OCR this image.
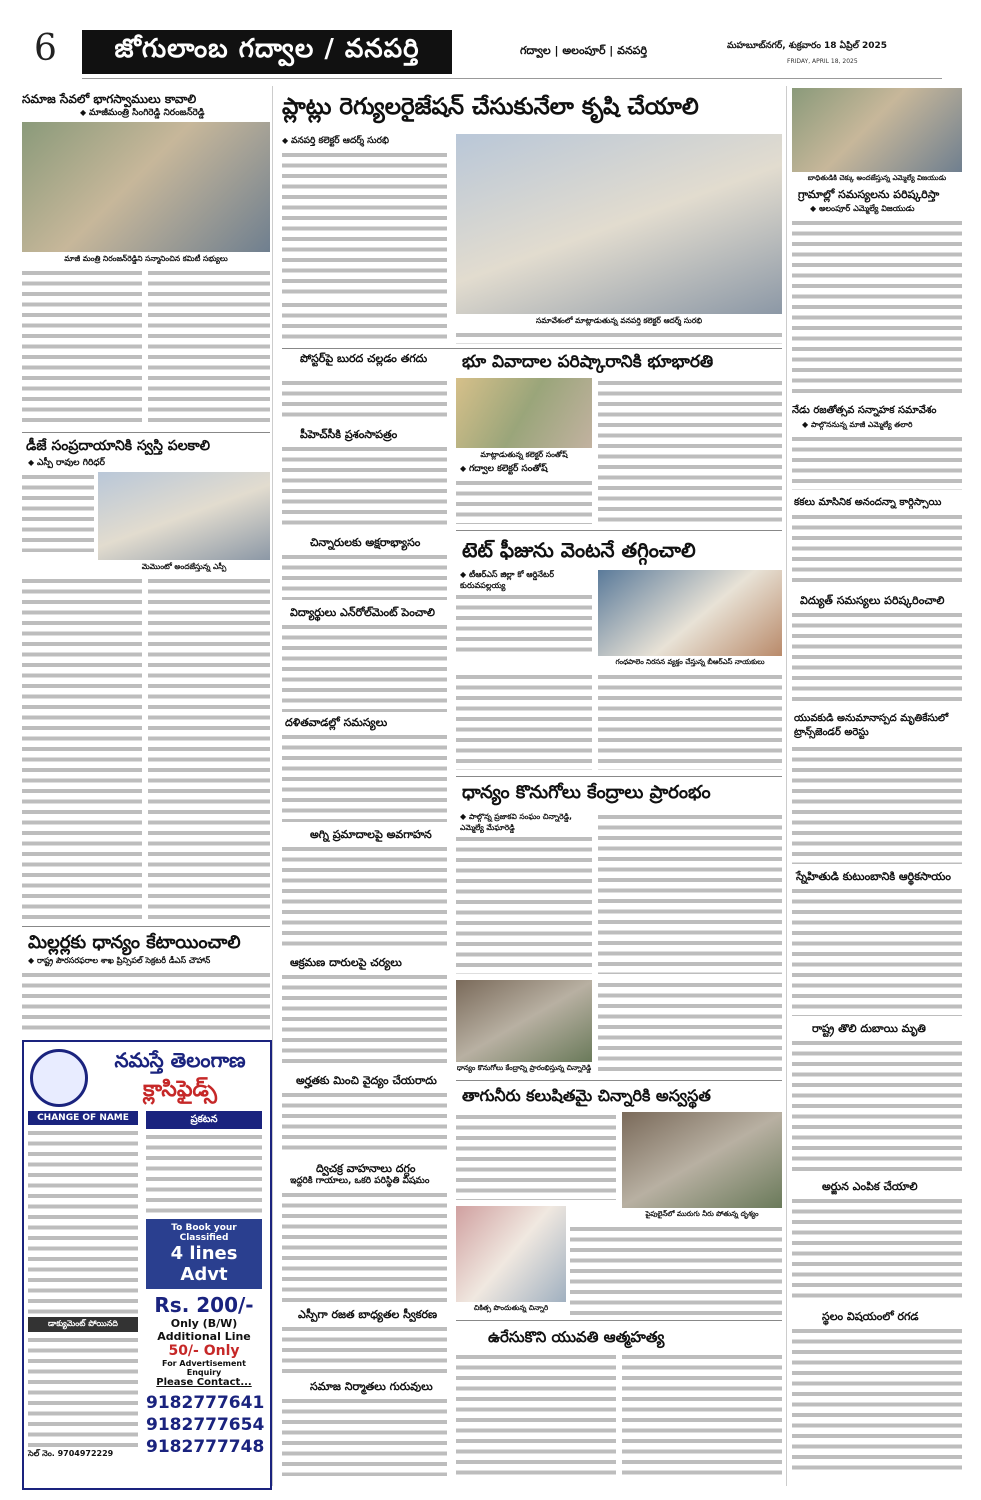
6	జోగులాంబ గద్వాల / వనపర్తి	గద్వాల | అలంపూర్ | వనపర్తి	మహబూబ్‌నగర్, శుక్రవారం 18 ఏప్రిల్ 2025
FRIDAY, APRIL 18, 2025
సమాజ సేవలో భాగస్వాములు కావాలి
◆ మాజీమంత్రి సింగిరెడ్డి నిరంజన్‌రెడ్డి
మాజీ మంత్రి నిరంజన్‌రెడ్డిని సన్మానించిన కమిటీ సభ్యులు
డీజే సంప్రదాయానికి స్వస్తి పలకాలి
◆ ఎస్పీ రావుల గిరిధర్
మెమొంటో అందజేస్తున్న ఎస్పీ
మిల్లర్లకు ధాన్యం కేటాయించాలి
◆ రాష్ట్ర పౌరసరఫరాల శాఖ ప్రిన్సిపల్ సెక్రటరీ డీఎస్ చౌహాన్
నమస్తే తెలంగాణ
క్లాసిఫైడ్స్
CHANGE OF NAME
డాక్యుమెంట్ పోయినది
సెల్ నెం. 9704972229
ప్రకటన
To Book your Classified
4 lines Advt
Rs. 200/-
Only (B/W)
Additional Line
50/- Only
For Advertisement Enquiry
Please Contact...
9182777641
9182777654
9182777748
ప్లాట్లు రెగ్యులరైజేషన్ చేసుకునేలా కృషి చేయాలి
◆ వనపర్తి కలెక్టర్ ఆదర్శ్ సురభి
సమావేశంలో మాట్లాడుతున్న వనపర్తి కలెక్టర్ ఆదర్శ్ సురభి
పోస్టర్‌పై బురద చల్లడం తగదు
పీహెచ్‌సీకి ప్రశంసాపత్రం
చిన్నారులకు అక్షరాభ్యాసం
విద్యార్థులు ఎన్‌రోల్‌మెంట్ పెంచాలి
దళితవాడల్లో సమస్యలు
అగ్ని ప్రమాదాలపై అవగాహన
ఆక్రమణ దారులపై చర్యలు
అర్హతకు మించి వైద్యం చేయరాదు
ద్విచక్ర వాహనాలు దగ్ధం
ఇద్దరికి గాయాలు, ఒకరి పరిస్థితి విషమం
ఎస్పీగా రజత బాధ్యతల స్వీకరణ
సమాజ నిర్మాతలు గురువులు
భూ వివాదాల పరిష్కారానికి భూభారతి
మాట్లాడుతున్న కలెక్టర్ సంతోష్
◆ గద్వాల కలెక్టర్ సంతోష్
టెట్ ఫీజును వెంటనే తగ్గించాలి
◆ టీఆర్‌ఎస్ జిల్లా కో ఆర్డినేటర్ కురువపల్లయ్య
గంధపాలెం నిరసన వ్యక్తం చేస్తున్న బీఆర్‌ఎస్ నాయకులు
ధాన్యం కొనుగోలు కేంద్రాలు ప్రారంభం
◆ పాల్గొన్న ప్రజాకవి సంఘం చిన్నారెడ్డి, ఎమ్మెల్యే మేఘారెడ్డి
ధాన్యం కొనుగోలు కేంద్రాన్ని ప్రారంభిస్తున్న చిన్నారెడ్డి
తాగునీరు కలుషితమై చిన్నారికి అస్వస్థత
పైపులైన్‌లో మురుగు నీరు పోతున్న దృశ్యం
చికిత్స పొందుతున్న చిన్నారి
ఉరేసుకొని యువతి ఆత్మహత్య
బాధితుడికి చెక్కు అందజేస్తున్న ఎమ్మెల్యే విజయుడు
గ్రామాల్లో సమస్యలను పరిష్కరిస్తా
◆ అలంపూర్ ఎమ్మెల్యే విజయుడు
నేడు రజతోత్సవ సన్నాహక సమావేశం
◆ పాల్గొననున్న మాజీ ఎమ్మెల్యే తలారి
కకలు మాసినిక అనందన్నా కార్గిస్సాయి
విద్యుత్ సమస్యలు పరిష్కరించాలి
యువకుడి అనుమానాస్పద మృతికేసులో ట్రాన్స్‌జెండర్ అరెస్టు
స్నేహితుడి కుటుంబానికి ఆర్థికసాయం
రాష్ట్ర తొలి దుబాయి మృతి
అర్జున ఎంపిక చేయాలి
స్థలం విషయంలో రగడ
